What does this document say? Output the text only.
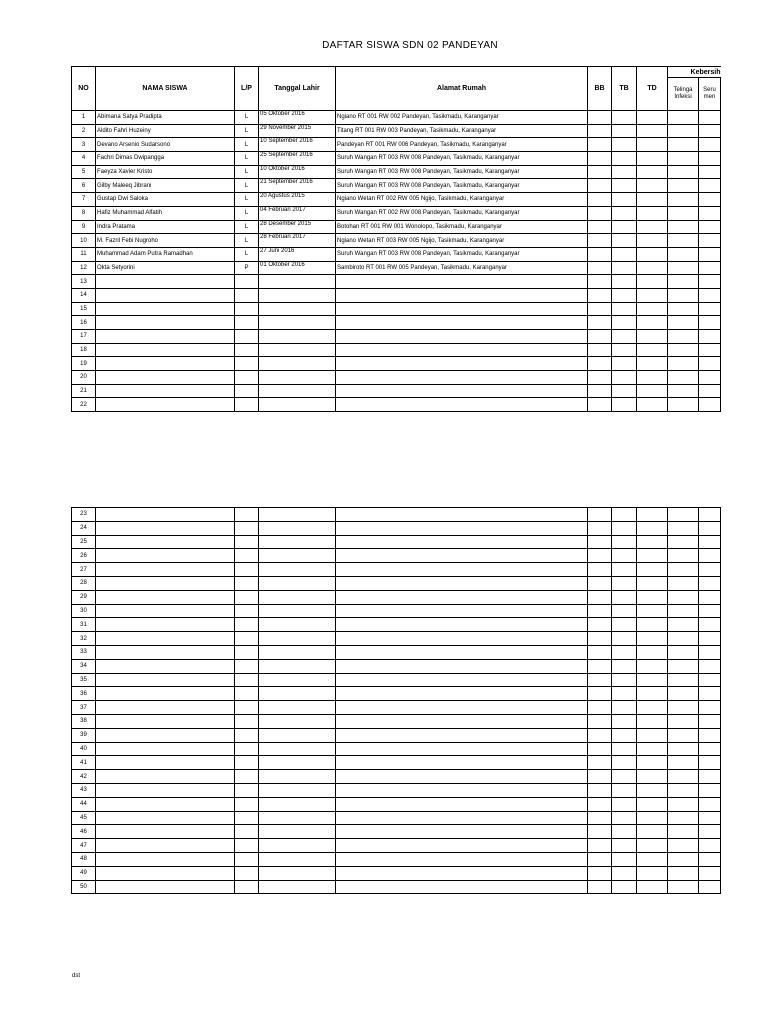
DAFTAR SISWA SDN 02 PANDEYAN
NO	NAMA SISWA	L/P	Tanggal Lahir	Alamat Rumah	BB	TB	TD	Kebersih	
								Telinga Infeksi	Seru men
1	Abimana Satya Pradipta	L	05 Oktober 2016	Ngiano RT 001 RW 002 Pandeyan, Tasikmadu, Karanganyar					
2	Aldito Fahri Huzeiny	L	29 November 2015	Titang RT 001 RW 003 Pandeyan, Tasikmadu, Karanganyar					
3	Devano Arsenio Sudarsono	L	10 September 2016	Pandeyan RT 001 RW 006 Pandeyan, Tasikmadu, Karanganyar					
4	Fachri Dimas Dwipangga	L	25 September 2016	Suruh Wangan RT 003 RW 008 Pandeyan, Tasikmadu, Karanganyar					
5	Faeyza Xavier Kristo	L	10 Oktober 2016	Suruh Wangan RT 003 RW 008 Pandeyan, Tasikmadu, Karanganyar					
6	Gilby Maleeq Jibrani	L	21 September 2016	Suruh Wangan RT 003 RW 008 Pandeyan, Tasikmadu, Karanganyar					
7	Gustap Dwi Saloka	L	20 Agustus 2015	Ngiano Wetan RT 002 RW 005 Ngijo, Tasikmadu, Karanganyar					
8	Hafiz Muhammad Alfatih	L	04 Februari 2017	Suruh Wangan RT 002 RW 008 Pandeyan, Tasikmadu, Karanganyar					
9	Indra Pratama	L	28 Desember 2015	Botohan RT 001 RW 001 Wonolopo, Tasikmadu, Karanganyar					
10	M. Fazril Febi Nugroho	L	28 Februari 2017	Ngiano Wetan RT 003 RW 005 Ngijo, Tasikmadu, Karanganyar					
11	Muhammad Adam Putra Ramadhan	L	27 Juni 2016	Suruh Wangan RT 003 RW 008 Pandeyan, Tasikmadu, Karanganyar					
12	Okta Setyorini	P	01 Oktober 2016	Sambiroto RT 001 RW 005 Pandeyan, Tasikmadu, Karanganyar					
13									
14									
15									
16									
17									
18									
19									
20									
21									
22									
23									
24									
25									
26									
27									
28									
29									
30									
31									
32									
33									
34									
35									
36									
37									
38									
39									
40									
41									
42									
43									
44									
45									
46									
47									
48									
49									
50									
dst
